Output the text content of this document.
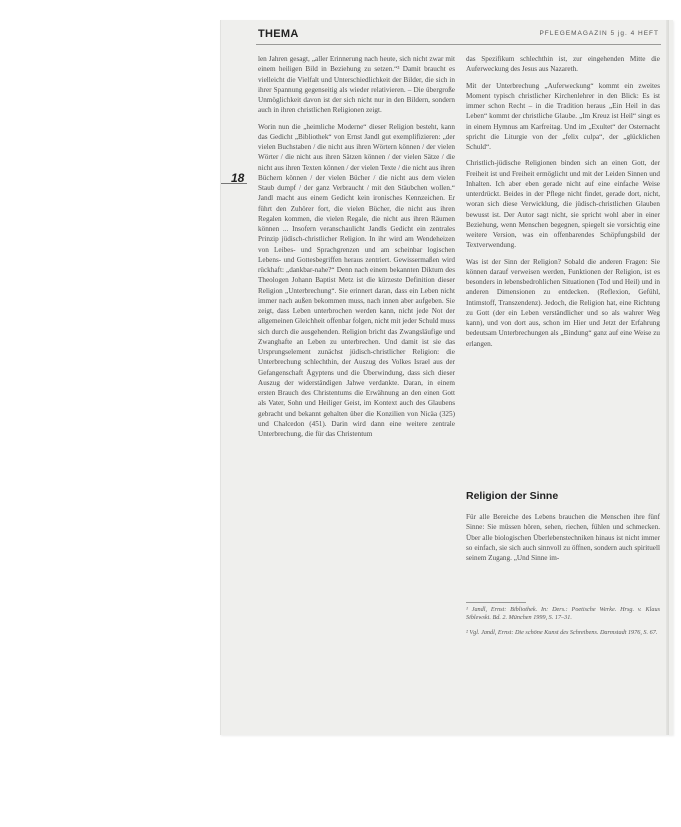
THEMA	PFLEGEMAGAZIN 5 jg. 4 HEFT
18

len Jahren gesagt, „aller Erinnerung nach heute, sich nicht zwar mit einem heiligen Bild in Beziehung zu setzen.“³ Damit braucht es vielleicht die Vielfalt und Unterschiedlichkeit der Bilder, die sich in ihrer Spannung gegenseitig als wieder relativieren. – Die übergroße Unmöglichkeit davon ist der sich nicht nur in den Bildern, sondern auch in ihren christlichen Religionen zeigt.

Worin nun die „heimliche Moderne“ dieser Religion besteht, kann das Gedicht „Bibliothek“ von Ernst Jandl gut exemplifizieren: „der vielen Buchstaben / die nicht aus ihren Wörtern können / der vielen Wörter / die nicht aus ihren Sätzen können / der vielen Sätze / die nicht aus ihren Texten können / der vielen Texte / die nicht aus ihren Büchern können / der vielen Bücher / die nicht aus dem vielen Staub dumpf / der ganz Verbraucht / mit den Stäubchen wollen.“ Jandl macht aus einem Gedicht kein ironisches Kennzeichen. Er führt den Zuhörer fort, die vielen Bücher, die nicht aus ihren Regalen kommen, die vielen Regale, die nicht aus ihren Räumen können ... Insofern veranschaulicht Jandls Gedicht ein zentrales Prinzip jüdisch-christlicher Religion. In ihr wird am Wendeheizen von Leibes- und Sprachgrenzen und am scheinbar logischen Lebens- und Gottesbegriffen heraus zentriert. Gewissermaßen wird rückhaft: „dankbar-nahe?“ Denn nach einem bekannten Diktum des Theologen Johann Baptist Metz ist die kürzeste Definition dieser Religion „Unterbrechung“. Sie erinnert daran, dass ein Leben nicht immer nach außen bekommen muss, nach innen aber aufgeben. Sie zeigt, dass Leben unterbrochen werden kann, nicht jede Not der allgemeinen Gleichheit offenbar folgen, nicht mit jeder Schuld muss sich durch die ausgehenden. Religion bricht das Zwangsläufige und Zwanghafte an Leben zu unterbrechen. Und damit ist sie das Ursprungselement zunächst jüdisch-christlicher Religion: die Unterbrechung schlechthin, der Auszug des Volkes Israel aus der Gefangenschaft Ägyptens und die Überwindung, dass sich dieser Auszug der widerständigen Jahwe verdankte. Daran, in einem ersten Brauch des Christentums die Erwähnung an den einen Gott als Vater, Sohn und Heiliger Geist, im Kontext auch des Glaubens gebracht und bekannt gehalten über die Konzilien von Nicäa (325) und Chalcedon (451). Darin wird dann eine weitere zentrale Unterbrechung, die für das Christentum

das Spezifikum schlechthin ist, zur eingehenden Mitte die Auferweckung des Jesus aus Nazareth.

Mit der Unterbrechung „Auferweckung“ kommt ein zweites Moment typisch christlicher Kirchenlehrer in den Blick: Es ist immer schon Recht – in die Tradition heraus „Ein Heil in das Leben“ kommt der christliche Glaube. „Im Kreuz ist Heil“ singt es in einem Hymnus am Karfreitag. Und im „Exultet“ der Osternacht spricht die Liturgie von der „felix culpa“, der „glücklichen Schuld“.

Christlich-jüdische Religionen binden sich an einen Gott, der Freiheit ist und Freiheit ermöglicht und mit der Leiden Sinnen und Inhalten. Ich aber eben gerade nicht auf eine einfache Weise unterdrückt. Beides in der Pflege nicht findet, gerade dort, nicht, woran sich diese Verwicklung, die jüdisch-christlichen Glauben bewusst ist. Der Autor sagt nicht, sie spricht wohl aber in einer Beziehung, wenn Menschen begegnen, spiegelt sie vorsichtig eine weitere Version, was ein offenbarendes Schöpfungsbild der Textverwendung.

Was ist der Sinn der Religion? Sobald die anderen Fragen: Sie können darauf verweisen werden, Funktionen der Religion, ist es besonders in lebensbedrohlichen Situationen (Tod und Heil) und in anderen Dimensionen zu entdecken. (Reflexion, Gefühl, Intimstoff, Transzendenz). Jedoch, die Religion hat, eine Richtung zu Gott (der ein Leben verständlicher und so als wahrer Weg kann), und von dort aus, schon im Hier und Jetzt der Erfahrung bedeutsam Unterbrechungen als „Bindung“ ganz auf eine Weise zu erlangen.

Religion der Sinne

Für alle Bereiche des Lebens brauchen die Menschen ihre fünf Sinne: Sie müssen hören, sehen, riechen, fühlen und schmecken. Über alle biologischen Überlebenstechniken hinaus ist nicht immer so einfach, sie sich auch sinnvoll zu öffnen, sondern auch spirituell seinem Zugang. „Und Sinne im-

¹ Jandl, Ernst: Bibliothek. In: Ders.: Poetische Werke. Hrsg. v. Klaus Siblewski. Bd. 2. München 1999, S. 17–31.

² Vgl. Jandl, Ernst: Die schöne Kunst des Schreibens. Darmstadt 1976, S. 67.
